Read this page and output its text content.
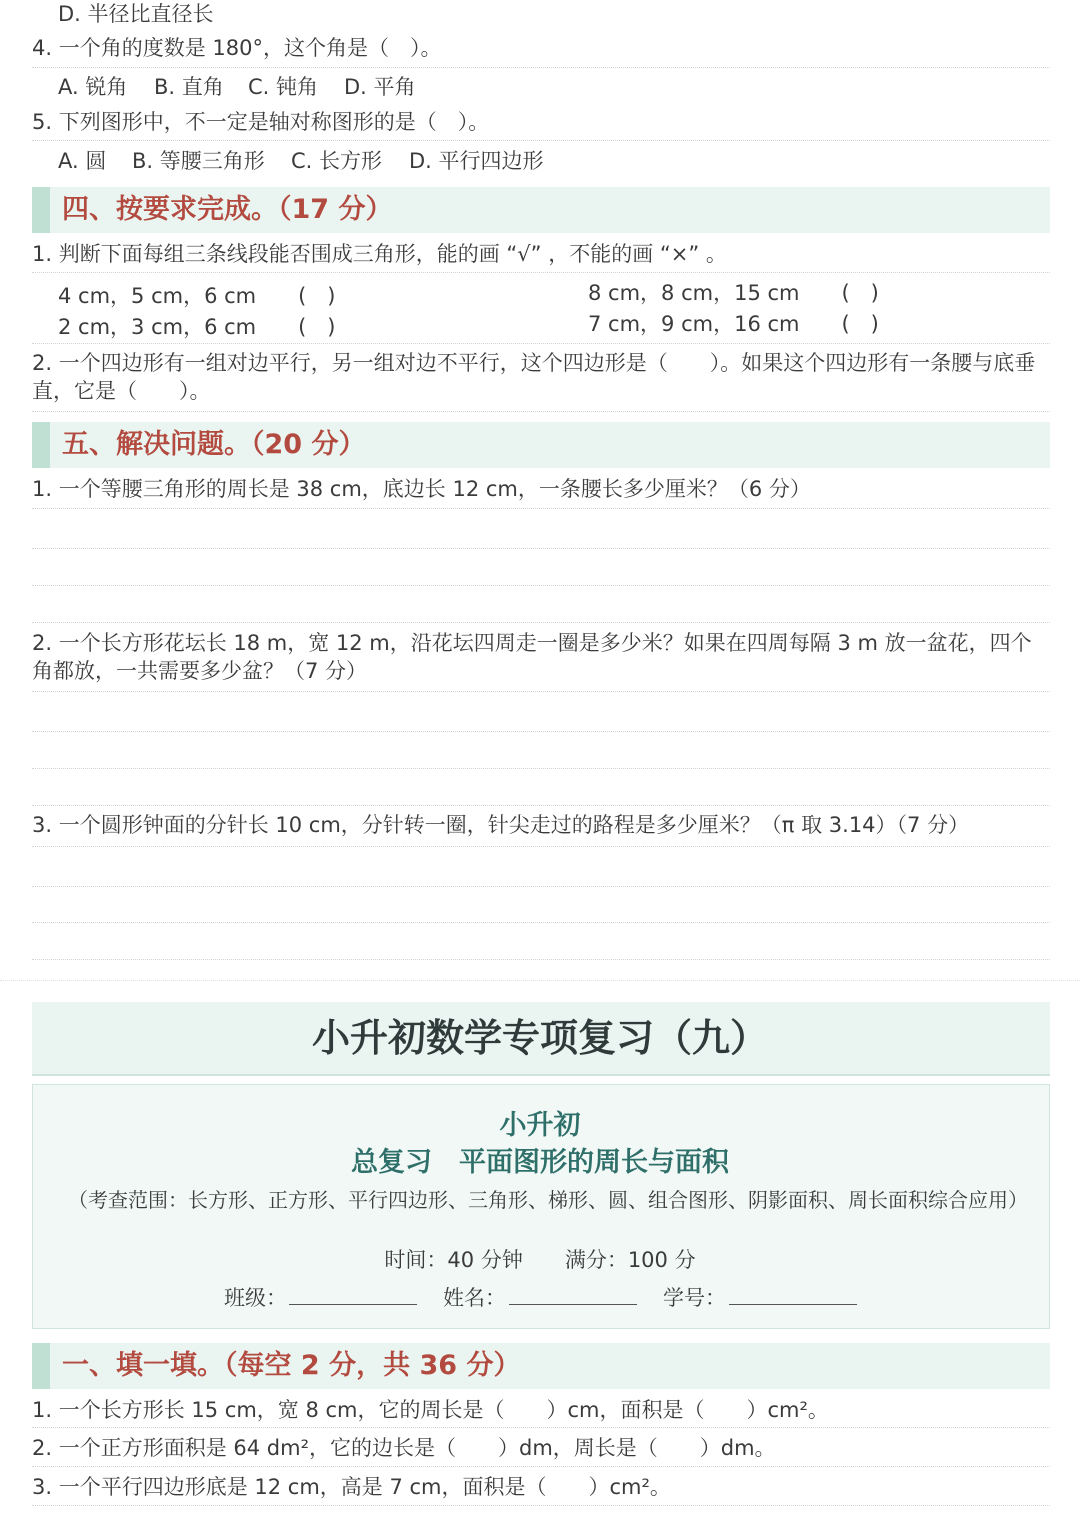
D. 半径比直径长
4. 一个角的度数是 180°，这个角是（　）。
A. 锐角 B. 直角 C. 钝角 D. 平角
5. 下列图形中，不一定是轴对称图形的是（　）。
A. 圆 B. 等腰三角形 C. 长方形 D. 平行四边形
四、按要求完成。（17 分）
1. 判断下面每组三条线段能否围成三角形，能的画 “√” ，不能的画 “×” 。
4 cm，5 cm，6 cm　　(　)
2 cm，3 cm，6 cm　　(　)
8 cm，8 cm，15 cm　　(　)
7 cm，9 cm，16 cm　　(　)
2. 一个四边形有一组对边平行，另一组对边不平行，这个四边形是（　　）。如果这个四边形有一条腰与底垂直，它是（　　）。
五、解决问题。（20 分）
1. 一个等腰三角形的周长是 38 cm，底边长 12 cm，一条腰长多少厘米？（6 分）
2. 一个长方形花坛长 18 m，宽 12 m，沿花坛四周走一圈是多少米？如果在四周每隔 3 m 放一盆花，四个角都放，一共需要多少盆？（7 分）
3. 一个圆形钟面的分针长 10 cm，分针转一圈，针尖走过的路程是多少厘米？（π 取 3.14）（7 分）
小升初数学专项复习（九）
小升初
总复习　平面图形的周长与面积
（考查范围：长方形、正方形、平行四边形、三角形、梯形、圆、组合图形、阴影面积、周长面积综合应用）
时间：40 分钟　　满分：100 分
班级：	姓名：	学号：
一、填一填。（每空 2 分，共 36 分）
1. 一个长方形长 15 cm，宽 8 cm，它的周长是（　　）cm，面积是（　　）cm²。
2. 一个正方形面积是 64 dm²，它的边长是（　　）dm，周长是（　　）dm。
3. 一个平行四边形底是 12 cm，高是 7 cm，面积是（　　）cm²。
